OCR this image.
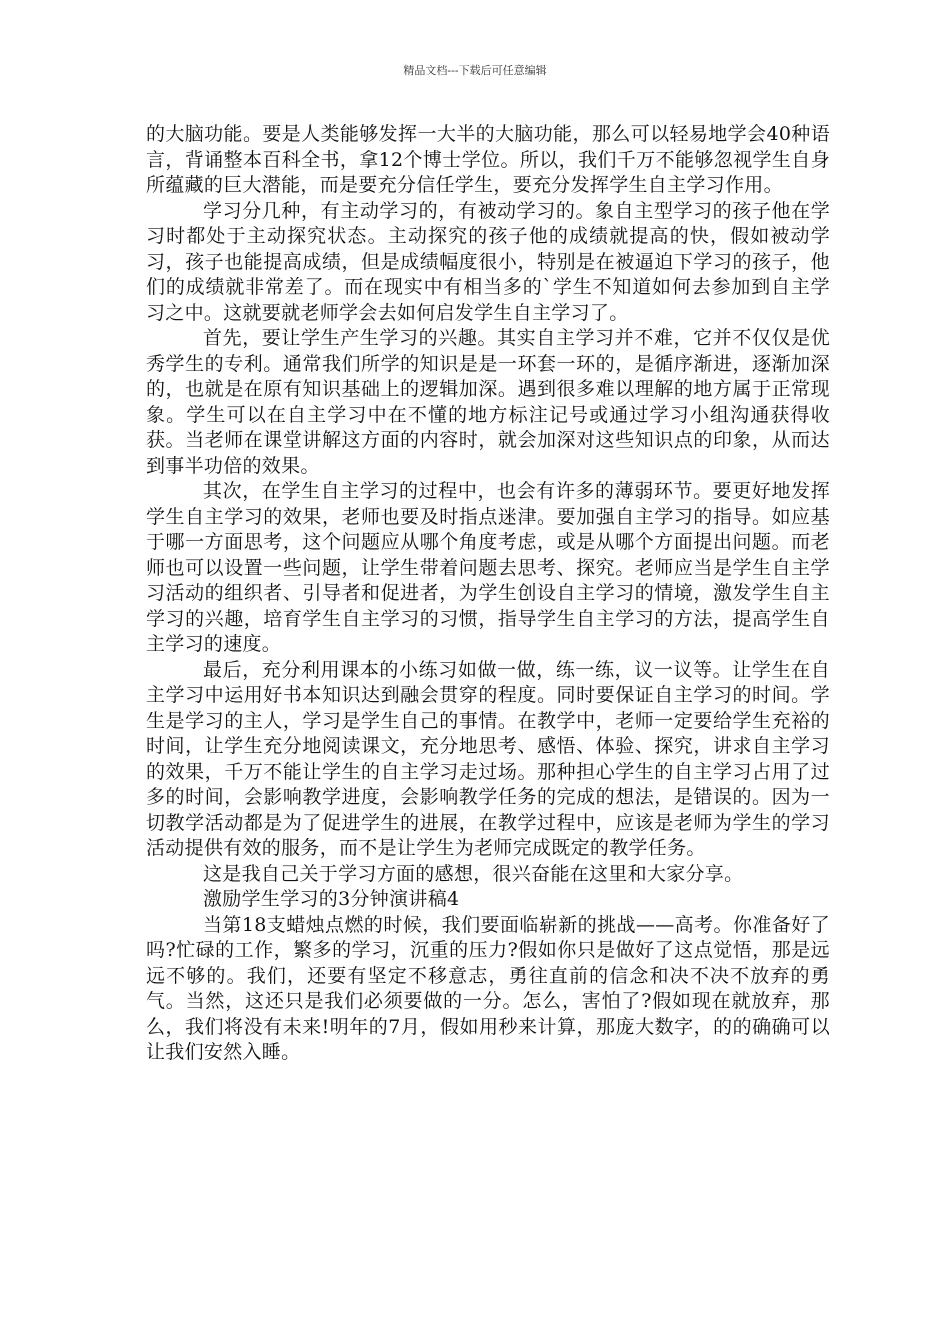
精品文档---下载后可任意编辑

的大脑功能。要是人类能够发挥一大半的大脑功能，那么可以轻易地学会40种语言，背诵整本百科全书，拿12个博士学位。所以，我们千万不能够忽视学生自身所蕴藏的巨大潜能，而是要充分信任学生，要充分发挥学生自主学习作用。

学习分几种，有主动学习的，有被动学习的。象自主型学习的孩子他在学习时都处于主动探究状态。主动探究的孩子他的成绩就提高的快，假如被动学习，孩子也能提高成绩，但是成绩幅度很小，特别是在被逼迫下学习的孩子，他们的成绩就非常差了。而在现实中有相当多的`学生不知道如何去参加到自主学习之中。这就要就老师学会去如何启发学生自主学习了。

首先，要让学生产生学习的兴趣。其实自主学习并不难，它并不仅仅是优秀学生的专利。通常我们所学的知识是是一环套一环的，是循序渐进，逐渐加深的，也就是在原有知识基础上的逻辑加深。遇到很多难以理解的地方属于正常现象。学生可以在自主学习中在不懂的地方标注记号或通过学习小组沟通获得收获。当老师在课堂讲解这方面的内容时，就会加深对这些知识点的印象，从而达到事半功倍的效果。

其次，在学生自主学习的过程中，也会有许多的薄弱环节。要更好地发挥学生自主学习的效果，老师也要及时指点迷津。要加强自主学习的指导。如应基于哪一方面思考，这个问题应从哪个角度考虑，或是从哪个方面提出问题。而老师也可以设置一些问题，让学生带着问题去思考、探究。老师应当是学生自主学习活动的组织者、引导者和促进者，为学生创设自主学习的情境，激发学生自主学习的兴趣，培育学生自主学习的习惯，指导学生自主学习的方法，提高学生自主学习的速度。

最后，充分利用课本的小练习如做一做，练一练，议一议等。让学生在自主学习中运用好书本知识达到融会贯穿的程度。同时要保证自主学习的时间。学生是学习的主人，学习是学生自己的事情。在教学中，老师一定要给学生充裕的时间，让学生充分地阅读课文，充分地思考、感悟、体验、探究，讲求自主学习的效果，千万不能让学生的自主学习走过场。那种担心学生的自主学习占用了过多的时间，会影响教学进度，会影响教学任务的完成的想法，是错误的。因为一切教学活动都是为了促进学生的进展，在教学过程中，应该是老师为学生的学习活动提供有效的服务，而不是让学生为老师完成既定的教学任务。

这是我自己关于学习方面的感想，很兴奋能在这里和大家分享。

激励学生学习的3分钟演讲稿4

当第18支蜡烛点燃的时候，我们要面临崭新的挑战——高考。你准备好了吗?忙碌的工作，繁多的学习，沉重的压力?假如你只是做好了这点觉悟，那是远远不够的。我们，还要有坚定不移意志，勇往直前的信念和决不决不放弃的勇气。当然，这还只是我们必须要做的一分。怎么，害怕了?假如现在就放弃，那么，我们将没有未来!明年的7月，假如用秒来计算，那庞大数字，的的确确可以让我们安然入睡。
